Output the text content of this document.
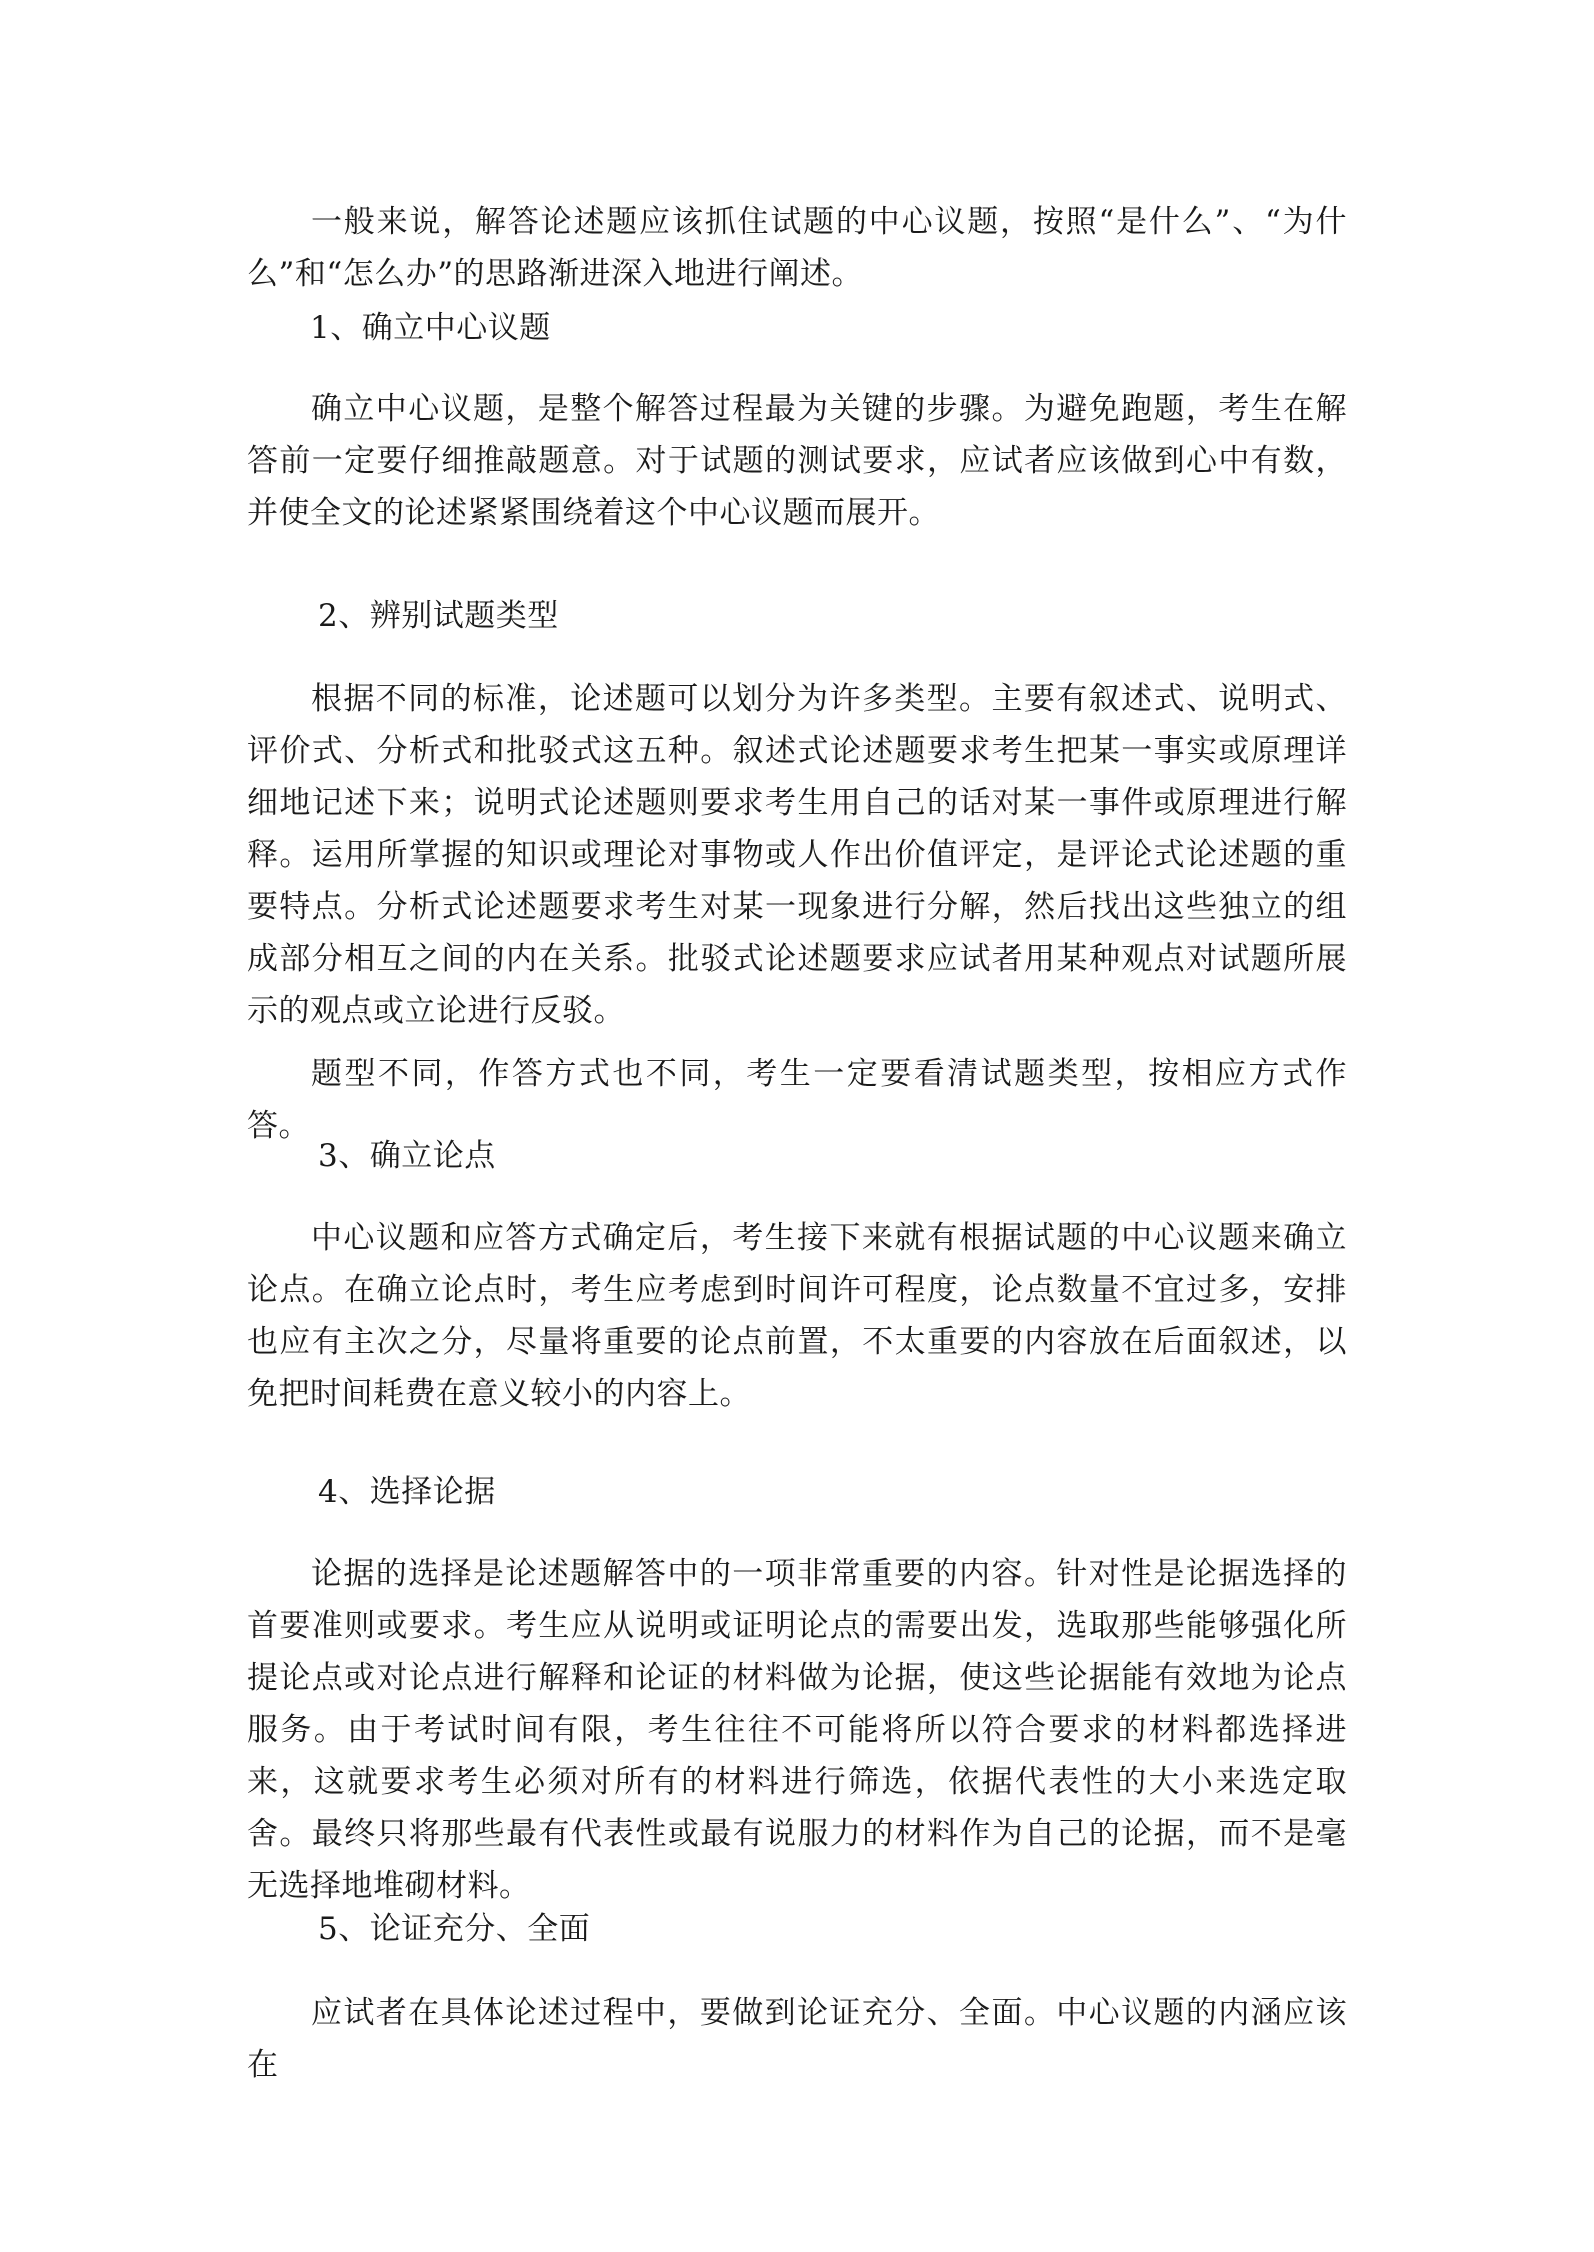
一般来说，解答论述题应该抓住试题的中心议题，按照“是什么”、“为什么”和“怎么办”的思路渐进深入地进行阐述。

1、确立中心议题

确立中心议题，是整个解答过程最为关键的步骤。为避免跑题，考生在解答前一定要仔细推敲题意。对于试题的测试要求，应试者应该做到心中有数，并使全文的论述紧紧围绕着这个中心议题而展开。

2、辨别试题类型

根据不同的标准，论述题可以划分为许多类型。主要有叙述式、说明式、评价式、分析式和批驳式这五种。叙述式论述题要求考生把某一事实或原理详细地记述下来；说明式论述题则要求考生用自己的话对某一事件或原理进行解释。运用所掌握的知识或理论对事物或人作出价值评定，是评论式论述题的重要特点。分析式论述题要求考生对某一现象进行分解，然后找出这些独立的组成部分相互之间的内在关系。批驳式论述题要求应试者用某种观点对试题所展示的观点或立论进行反驳。

题型不同，作答方式也不同，考生一定要看清试题类型，按相应方式作答。

3、确立论点

中心议题和应答方式确定后，考生接下来就有根据试题的中心议题来确立论点。在确立论点时，考生应考虑到时间许可程度，论点数量不宜过多，安排也应有主次之分，尽量将重要的论点前置，不太重要的内容放在后面叙述，以免把时间耗费在意义较小的内容上。

4、选择论据

论据的选择是论述题解答中的一项非常重要的内容。针对性是论据选择的首要准则或要求。考生应从说明或证明论点的需要出发，选取那些能够强化所提论点或对论点进行解释和论证的材料做为论据，使这些论据能有效地为论点服务。由于考试时间有限，考生往往不可能将所以符合要求的材料都选择进来，这就要求考生必须对所有的材料进行筛选，依据代表性的大小来选定取舍。最终只将那些最有代表性或最有说服力的材料作为自己的论据，而不是毫无选择地堆砌材料。

5、论证充分、全面

应试者在具体论述过程中，要做到论证充分、全面。中心议题的内涵应该在
